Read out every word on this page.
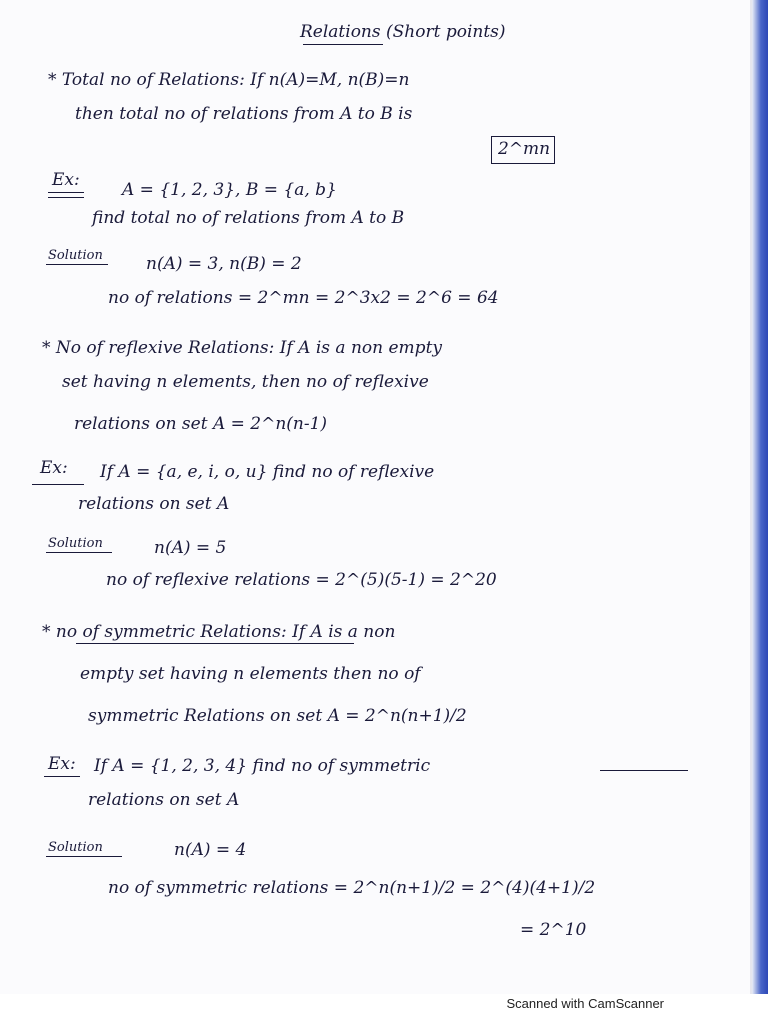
Relations (Short points)
* Total no of Relations: If n(A)=M, n(B)=n
then total no of relations from A to B is
2^mn
Ex: A = {1, 2, 3}, B = {a, b}
find total no of relations from A to B
Solution	n(A) = 3, n(B) = 2
no of relations = 2^mn = 2^3x2 = 2^6 = 64
* No of reflexive Relations: If A is a non empty
set having n elements, then no of reflexive
relations on set A = 2^n(n-1)
Ex: If A = {a, e, i, o, u} find no of reflexive
relations on set A
Solution	n(A) = 5
no of reflexive relations = 2^(5)(5-1) = 2^20
* no of symmetric Relations: If A is a non
empty set having n elements then no of
symmetric Relations on set A = 2^n(n+1)/2
Ex: If A = {1, 2, 3, 4} find no of symmetric
relations on set A
Solution	n(A) = 4
no of symmetric relations = 2^n(n+1)/2 = 2^(4)(4+1)/2
= 2^10
Scanned with CamScanner
